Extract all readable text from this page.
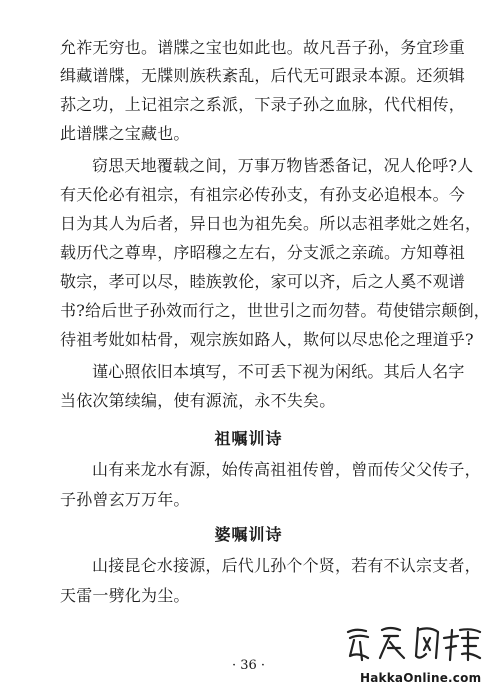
允祚无穷也。谱牒之宝也如此也。故凡吾子孙，务宜珍重
缉藏谱牒，无牒则族秩紊乱，后代无可跟录本源。还须辑
荪之功，上记祖宗之系派，下录子孙之血脉，代代相传，
此谱牒之宝藏也。
窃思天地覆载之间，万事万物皆悉备记，况人伦呼?人
有天伦必有祖宗，有祖宗必传孙支，有孙支必追根本。今
日为其人为后者，异日也为祖先矣。所以志祖孝妣之姓名，
载历代之尊卑，序昭穆之左右，分支派之亲疏。方知尊祖
敬宗，孝可以尽，睦族敦伦，家可以齐，后之人奚不观谱
书?给后世子孙效而行之，世世引之而勿替。苟使错宗颠倒，
待祖考妣如枯骨，观宗族如路人，欺何以尽忠伦之理道乎?
谨心照依旧本填写，不可丢下视为闲纸。其后人名字
当依次第续编，使有源流，永不失矣。
祖嘱训诗
山有来龙水有源，始传高祖祖传曾，曾而传父父传子，
子孙曾玄万万年。
婆嘱训诗
山接昆仑水接源，后代儿孙个个贤，若有不认宗支者，
天雷一劈化为尘。
· 36 ·
HakkaOnline.com
